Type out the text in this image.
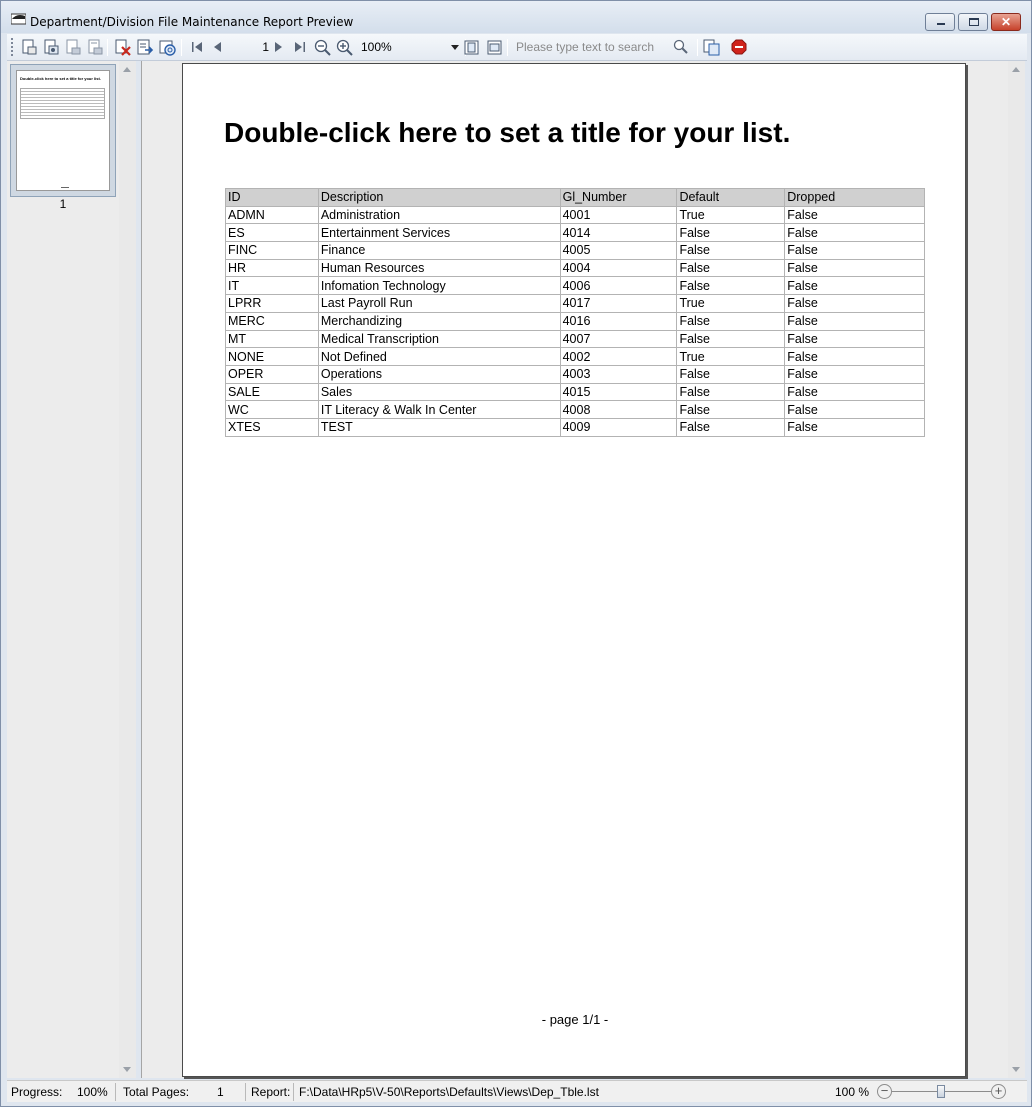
Department/Division File Maintenance Report Preview	✕
1	100%	Please type text to search
Double-click here to set a title for your list.
1
Double-click here to set a title for your list.
ID	Description	Gl_Number	Default	Dropped
ADMN	Administration	4001	True	False
ES	Entertainment Services	4014	False	False
FINC	Finance	4005	False	False
HR	Human Resources	4004	False	False
IT	Infomation Technology	4006	False	False
LPRR	Last Payroll Run	4017	True	False
MERC	Merchandizing	4016	False	False
MT	Medical Transcription	4007	False	False
NONE	Not Defined	4002	True	False
OPER	Operations	4003	False	False
SALE	Sales	4015	False	False
WC	IT Literacy & Walk In Center	4008	False	False
XTES	TEST	4009	False	False
- page 1/1 -
Progress: 100% Total Pages: 1 Report: F:\Data\HRp5\V-50\Reports\Defaults\Views\Dep_Tble.lst	100 % −	+
